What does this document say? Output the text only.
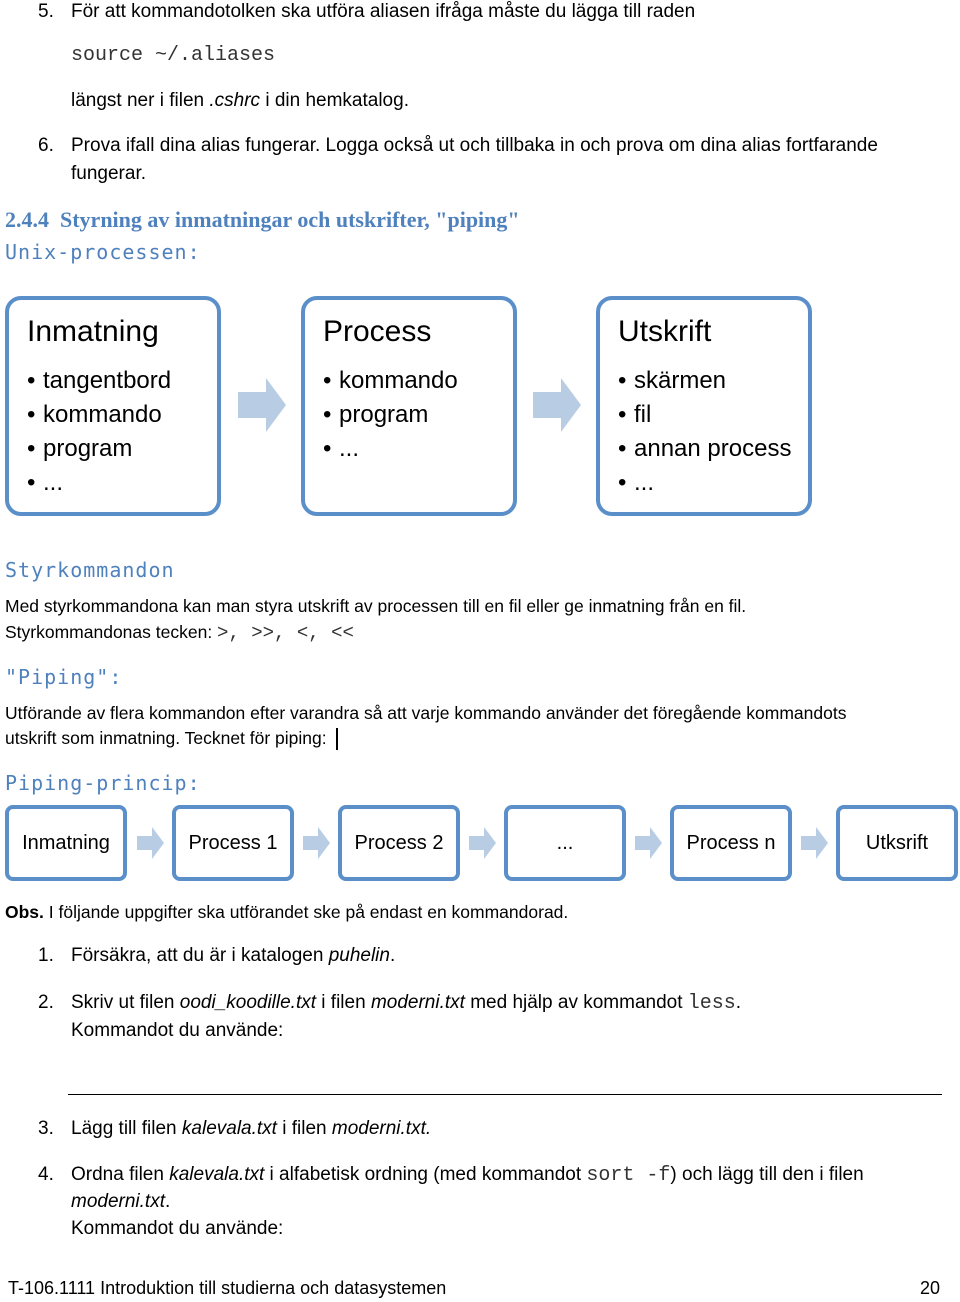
5. För att kommandotolken ska utföra aliasen ifråga måste du lägga till raden
source ~/.aliases
längst ner i filen .cshrc i din hemkatalog.
6. Prova ifall dina alias fungerar. Logga också ut och tillbaka in och prova om dina alias fortfarande
fungerar.
2.4.4 Styrning av inmatningar och utskrifter, "piping"
Unix-processen:
Inmatning
• tangentbord
• kommando
• program
• ...
Process
• kommando
• program
• ...
Utskrift
• skärmen
• fil
• annan process
• ...
Styrkommandon
Med styrkommandona kan man styra utskrift av processen till en fil eller ge inmatning från en fil.
Styrkommandonas tecken: >, >>, <, <<
"Piping":
Utförande av flera kommandon efter varandra så att varje kommando använder det föregående kommandots
utskrift som inmatning. Tecknet för piping:
Piping-princip:
Inmatning	Process 1	Process 2	...	Process n	Utksrift
Obs. I följande uppgifter ska utförandet ske på endast en kommandorad.
1. Försäkra, att du är i katalogen puhelin.
2. Skriv ut filen oodi_koodille.txt i filen moderni.txt med hjälp av kommandot less.
Kommandot du använde:
3. Lägg till filen kalevala.txt i filen moderni.txt.
4. Ordna filen kalevala.txt i alfabetisk ordning (med kommandot sort -f) och lägg till den i filen
moderni.txt.
Kommandot du använde:
T-106.1111 Introduktion till studierna och datasystemen	20
